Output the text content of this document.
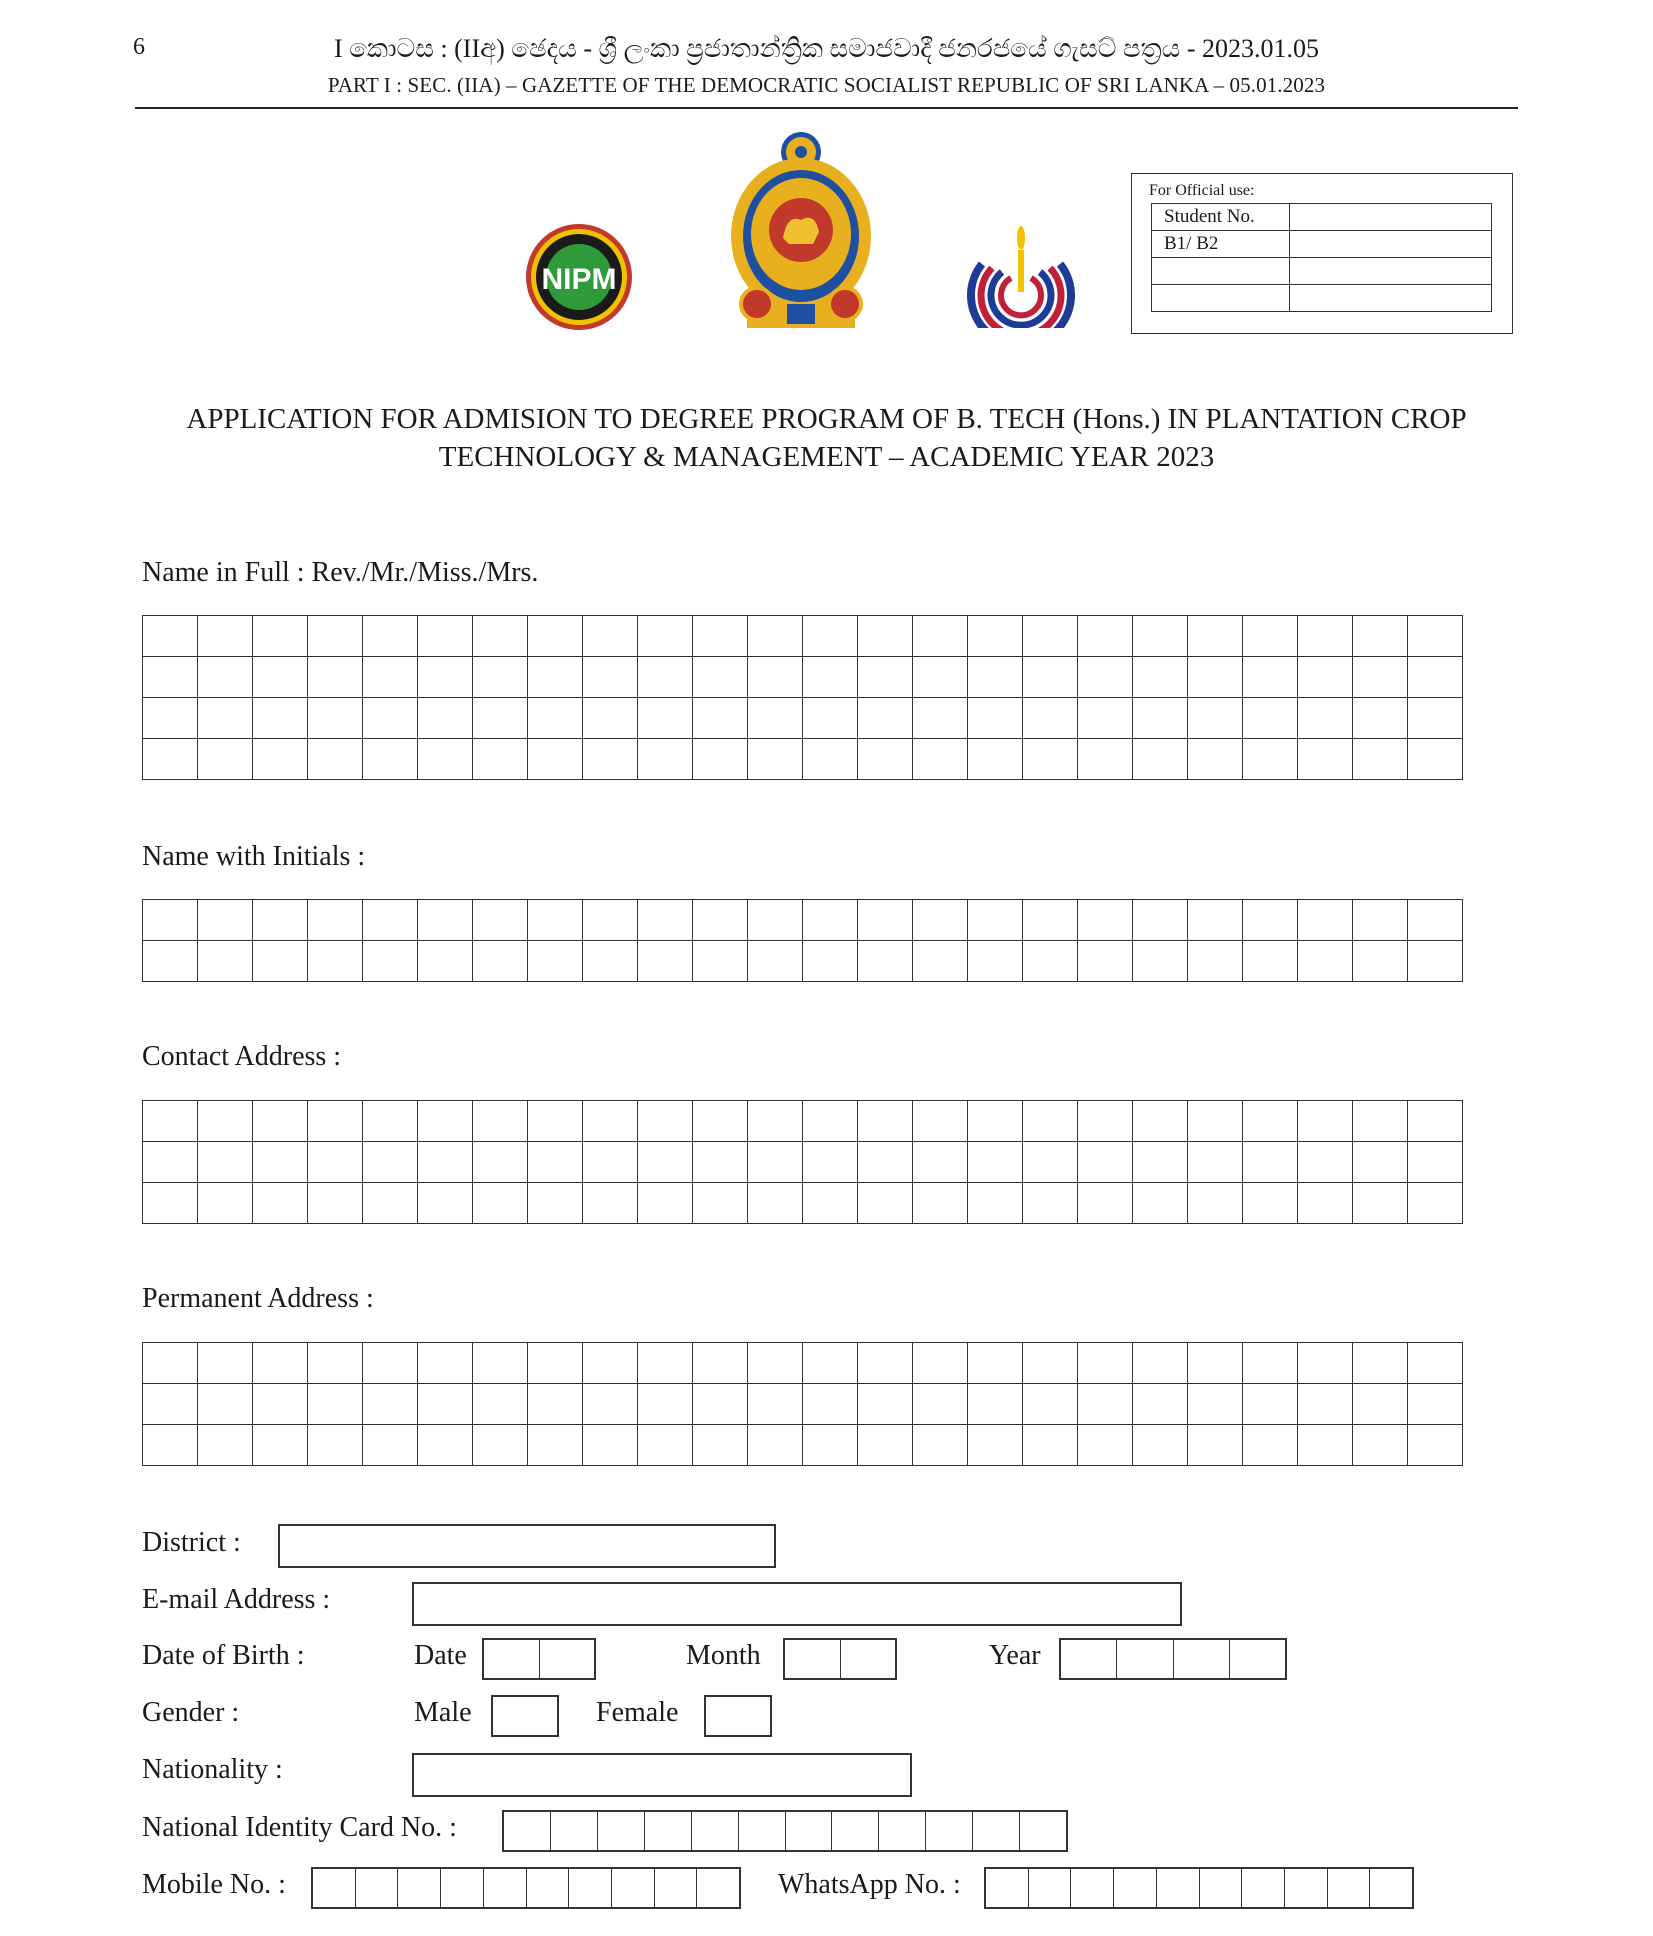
6	I කොටස : (IIඅ) ඡෙදය - ශ්‍රී ලංකා ප්‍රජාතාන්ත්‍රික සමාජවාදී ජනරජයේ ගැසට් පත්‍රය - 2023.01.05
PART I : SEC. (IIA) – GAZETTE OF THE DEMOCRATIC SOCIALIST REPUBLIC OF SRI LANKA – 05.01.2023
NIPM
For Official use:
Student No.	
B1/ B2	

APPLICATION FOR ADMISION TO DEGREE PROGRAM OF B. TECH (Hons.) IN PLANTATION CROP
TECHNOLOGY & MANAGEMENT – ACADEMIC YEAR 2023
Name in Full : Rev./Mr./Miss./Mrs.

Name with Initials :

Contact Address :

Permanent Address :

District :
E-mail Address :
Date of Birth :	Date	Month	Year
Gender :	Male	Female
Nationality :
National Identity Card No. :
Mobile No. :	WhatsApp No. :
